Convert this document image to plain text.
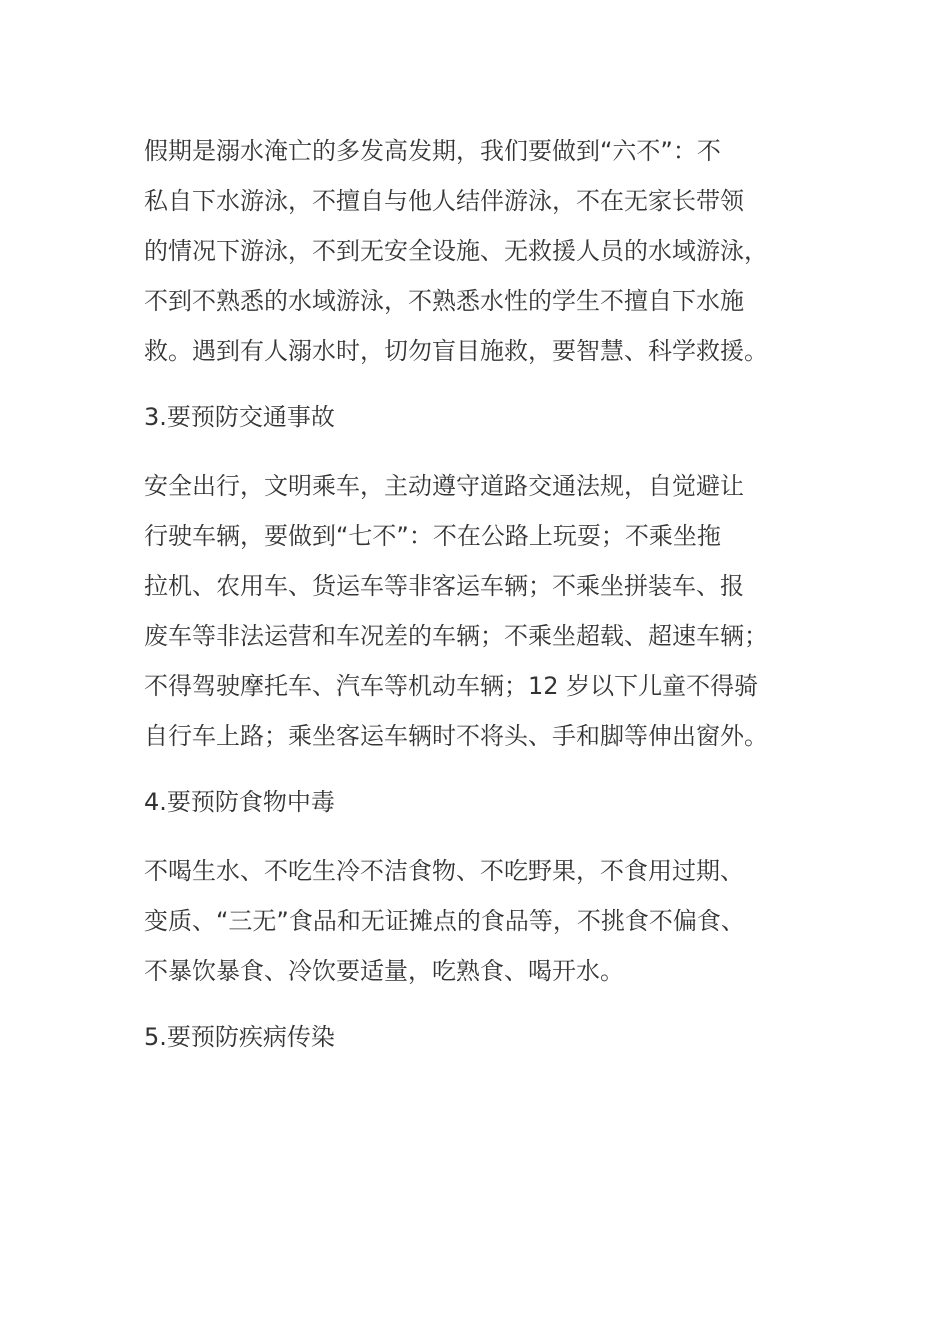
假期是溺水淹亡的多发高发期，我们要做到“六不”：不
私自下水游泳，不擅自与他人结伴游泳，不在无家长带领
的情况下游泳，不到无安全设施、无救援人员的水域游泳，
不到不熟悉的水域游泳，不熟悉水性的学生不擅自下水施
救。遇到有人溺水时，切勿盲目施救，要智慧、科学救援。
3.要预防交通事故
安全出行，文明乘车，主动遵守道路交通法规，自觉避让
行驶车辆，要做到“七不”：不在公路上玩耍；不乘坐拖
拉机、农用车、货运车等非客运车辆；不乘坐拼装车、报
废车等非法运营和车况差的车辆；不乘坐超载、超速车辆；
不得驾驶摩托车、汽车等机动车辆；12 岁以下儿童不得骑
自行车上路；乘坐客运车辆时不将头、手和脚等伸出窗外。
4.要预防食物中毒
不喝生水、不吃生冷不洁食物、不吃野果，不食用过期、
变质、“三无”食品和无证摊点的食品等，不挑食不偏食、
不暴饮暴食、冷饮要适量，吃熟食、喝开水。
5.要预防疾病传染
